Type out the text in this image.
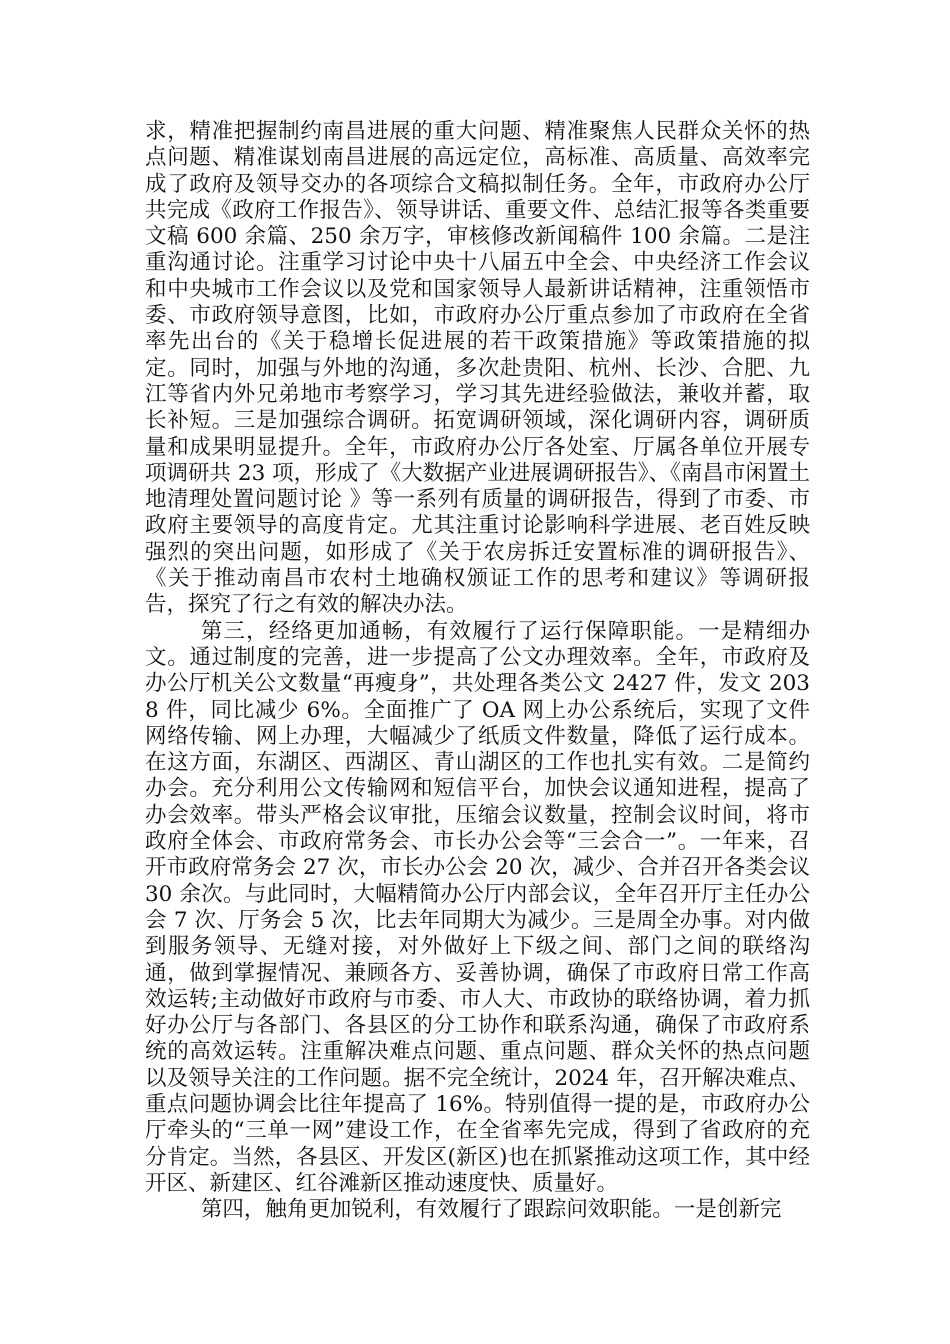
求，精准把握制约南昌进展的重大问题、精准聚焦人民群众关怀的热点问题、精准谋划南昌进展的高远定位，高标准、高质量、高效率完成了政府及领导交办的各项综合文稿拟制任务。全年，市政府办公厅共完成《政府工作报告》、领导讲话、重要文件、总结汇报等各类重要文稿 600 余篇、250 余万字，审核修改新闻稿件 100 余篇。二是注重沟通讨论。注重学习讨论中央十八届五中全会、中央经济工作会议和中央城市工作会议以及党和国家领导人最新讲话精神，注重领悟市委、市政府领导意图，比如，市政府办公厅重点参加了市政府在全省率先出台的《关于稳增长促进展的若干政策措施》等政策措施的拟定。同时，加强与外地的沟通，多次赴贵阳、杭州、长沙、合肥、九江等省内外兄弟地市考察学习，学习其先进经验做法，兼收并蓄，取长补短。三是加强综合调研。拓宽调研领域，深化调研内容，调研质量和成果明显提升。全年，市政府办公厅各处室、厅属各单位开展专项调研共 23 项，形成了《大数据产业进展调研报告》、《南昌市闲置土地清理处置问题讨论 》等一系列有质量的调研报告，得到了市委、市政府主要领导的高度肯定。尤其注重讨论影响科学进展、老百姓反映强烈的突出问题，如形成了《关于农房拆迁安置标准的调研报告》、《关于推动南昌市农村土地确权颁证工作的思考和建议》等调研报告，探究了行之有效的解决办法。

第三，经络更加通畅，有效履行了运行保障职能。一是精细办文。通过制度的完善，进一步提高了公文办理效率。全年，市政府及办公厅机关公文数量“再瘦身”，共处理各类公文 2427 件，发文 2038 件，同比减少 6%。全面推广了 OA 网上办公系统后，实现了文件网络传输、网上办理，大幅减少了纸质文件数量，降低了运行成本。在这方面，东湖区、西湖区、青山湖区的工作也扎实有效。二是简约办会。充分利用公文传输网和短信平台，加快会议通知进程，提高了办会效率。带头严格会议审批，压缩会议数量，控制会议时间，将市政府全体会、市政府常务会、市长办公会等“三会合一”。一年来，召开市政府常务会 27 次，市长办公会 20 次，减少、合并召开各类会议 30 余次。与此同时，大幅精简办公厅内部会议，全年召开厅主任办公会 7 次、厅务会 5 次，比去年同期大为减少。三是周全办事。对内做到服务领导、无缝对接，对外做好上下级之间、部门之间的联络沟通，做到掌握情况、兼顾各方、妥善协调，确保了市政府日常工作高效运转;主动做好市政府与市委、市人大、市政协的联络协调，着力抓好办公厅与各部门、各县区的分工协作和联系沟通，确保了市政府系统的高效运转。注重解决难点问题、重点问题、群众关怀的热点问题以及领导关注的工作问题。据不完全统计，2024 年，召开解决难点、重点问题协调会比往年提高了 16%。特别值得一提的是，市政府办公厅牵头的“三单一网”建设工作，在全省率先完成，得到了省政府的充分肯定。当然，各县区、开发区(新区)也在抓紧推动这项工作，其中经开区、新建区、红谷滩新区推动速度快、质量好。

第四，触角更加锐利，有效履行了跟踪问效职能。一是创新完
